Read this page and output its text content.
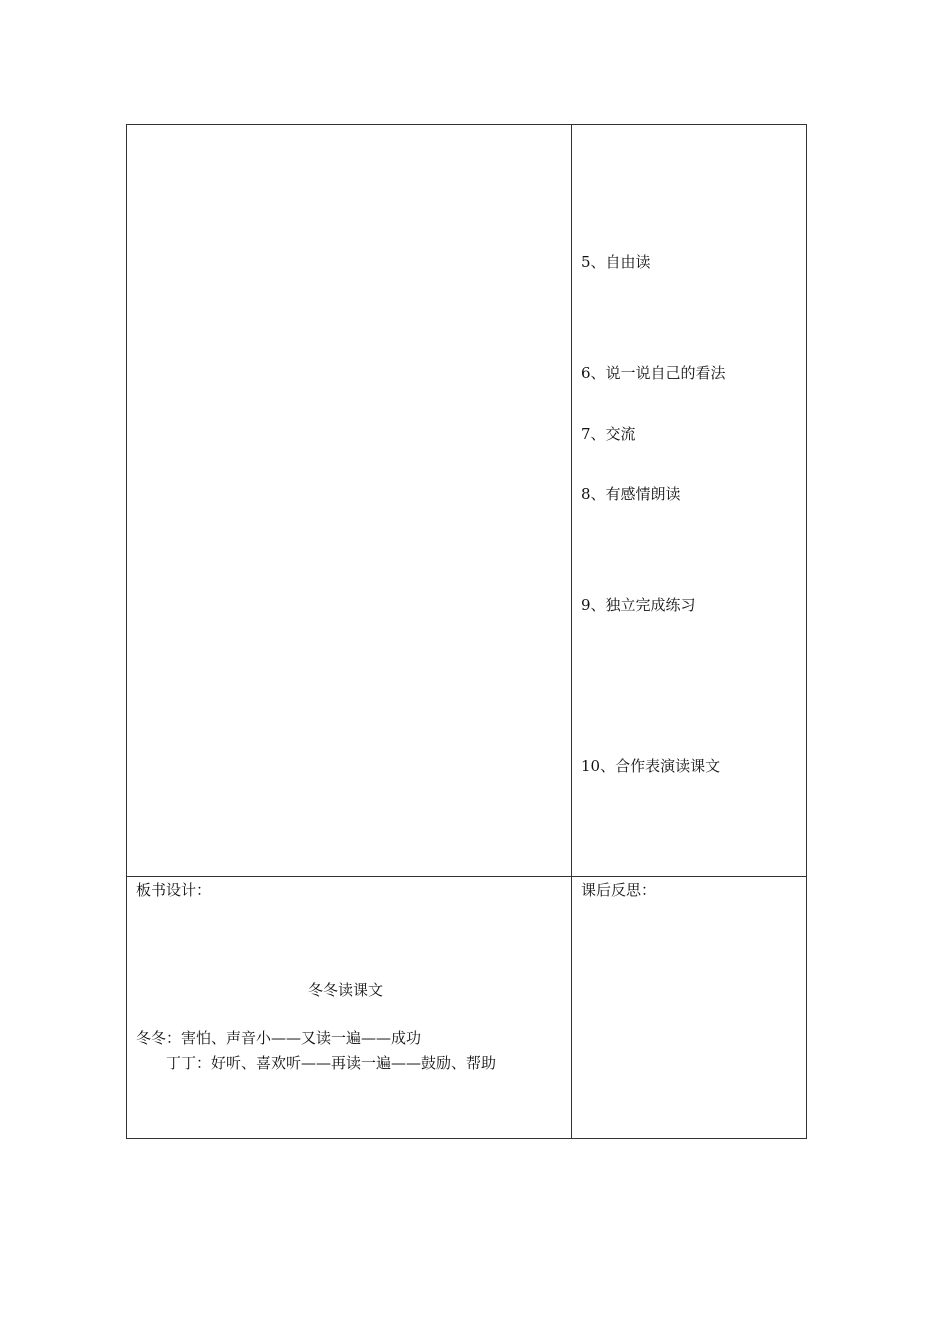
5、自由读
6、说一说自己的看法
7、交流
8、有感情朗读
9、独立完成练习
10、合作表演读课文
板书设计：
冬冬读课文
冬冬：害怕、声音小——又读一遍——成功
丁丁：好听、喜欢听——再读一遍——鼓励、帮助
课后反思：
